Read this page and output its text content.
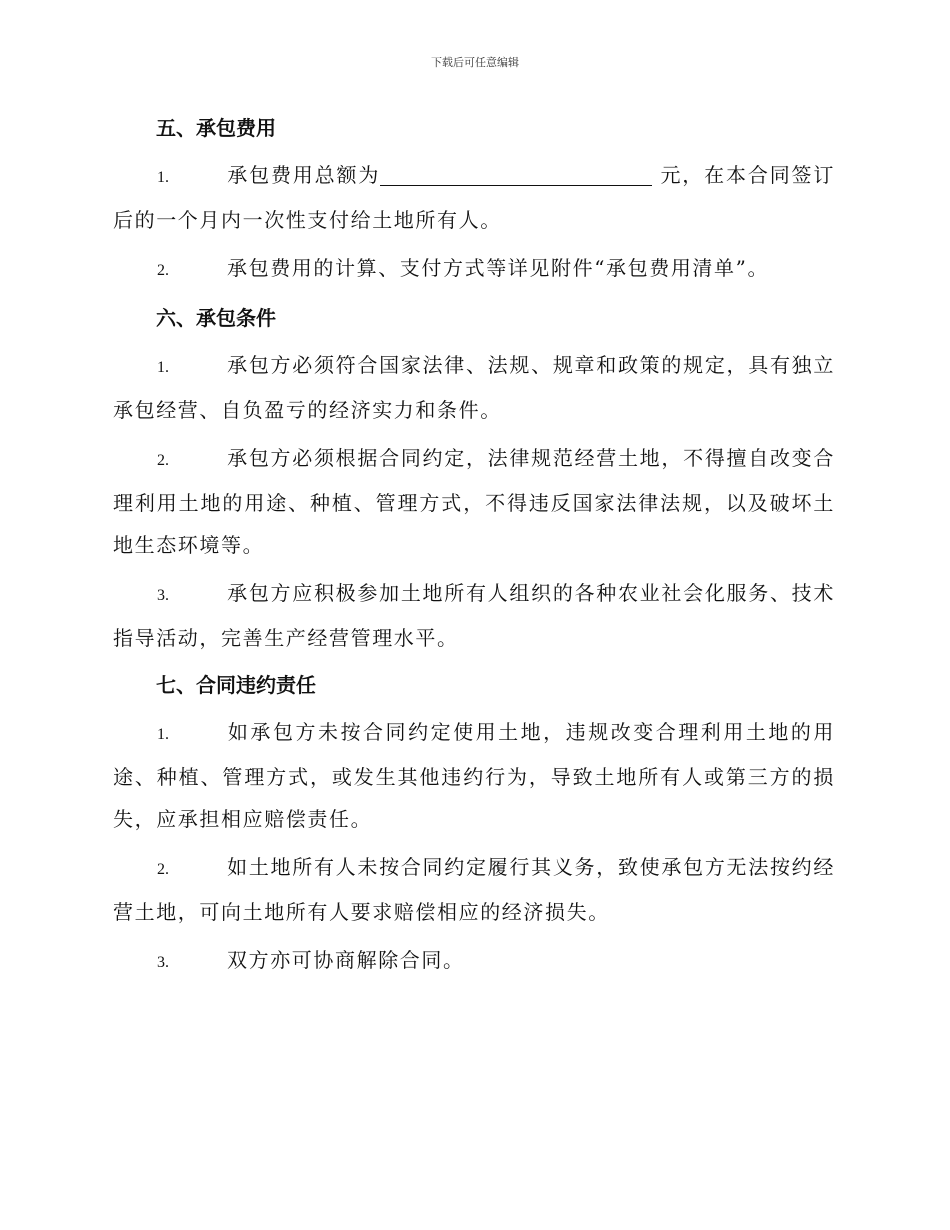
下载后可任意编辑
五、承包费用

1.	承包费用总额为	元，在本合同签订后的一个月内一次性支付给土地所有人。

2.	承包费用的计算、支付方式等详见附件“承包费用清单”。

六、承包条件

1.	承包方必须符合国家法律、法规、规章和政策的规定，具有独立承包经营、自负盈亏的经济实力和条件。

2.	承包方必须根据合同约定，法律规范经营土地，不得擅自改变合理利用土地的用途、种植、管理方式，不得违反国家法律法规，以及破坏土地生态环境等。

3.	承包方应积极参加土地所有人组织的各种农业社会化服务、技术指导活动，完善生产经营管理水平。

七、合同违约责任

1.	如承包方未按合同约定使用土地，违规改变合理利用土地的用途、种植、管理方式，或发生其他违约行为，导致土地所有人或第三方的损失，应承担相应赔偿责任。

2.	如土地所有人未按合同约定履行其义务，致使承包方无法按约经营土地，可向土地所有人要求赔偿相应的经济损失。

3.	双方亦可协商解除合同。
